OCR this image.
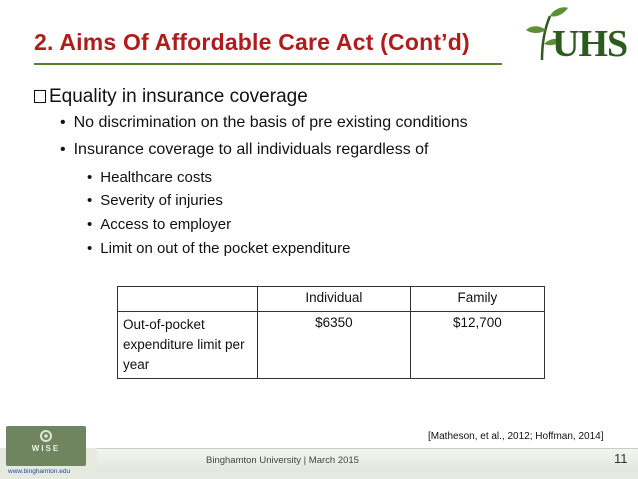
2. Aims Of Affordable Care Act (Cont’d) UHS
Equality in insurance coverage
• No discrimination on the basis of pre existing conditions
• Insurance coverage to all individuals regardless of
• Healthcare costs
• Severity of injuries
• Access to employer
• Limit on out of the pocket expenditure
	Individual	Family
Out-of-pocket expenditure limit per year	$6350	$12,700
[Matheson, et al., 2012; Hoffman, 2014]
WISE
www.binghamton.edu
Binghamton University | March 2015	11
